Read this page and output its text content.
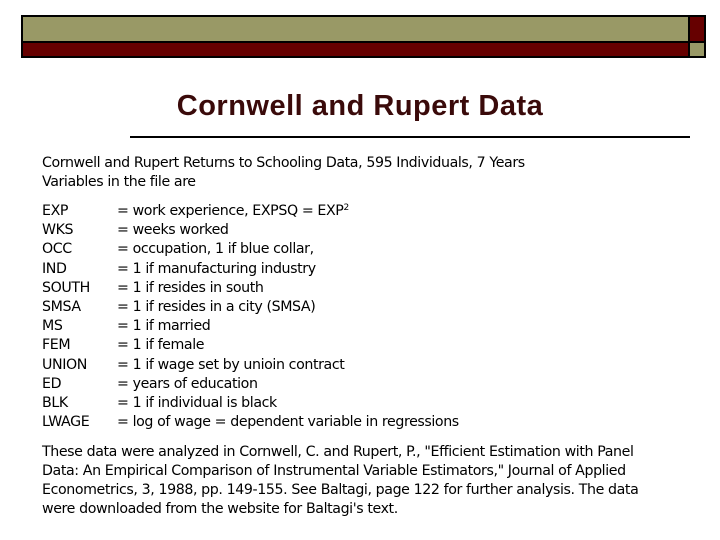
Cornwell and Rupert Data
Cornwell and Rupert Returns to Schooling Data, 595 Individuals, 7 Years
Variables in the file are
EXP	= work experience, EXPSQ = $EXP^2$
WKS	= weeks worked
OCC	= occupation, 1 if blue collar,
IND	= 1 if manufacturing industry
SOUTH = 1 if resides in south
SMSA	= 1 if resides in a city (SMSA)
MS	= 1 if married
FEM	= 1 if female
UNION = 1 if wage set by unioin contract
ED	= years of education
BLK	= 1 if individual is black
LWAGE = log of wage = dependent variable in regressions
These data were analyzed in Cornwell, C. and Rupert, P., "Efficient Estimation with Panel
Data: An Empirical Comparison of Instrumental Variable Estimators," Journal of Applied
Econometrics, 3, 1988, pp. 149-155. See Baltagi, page 122 for further analysis. The data
were downloaded from the website for Baltagi's text.
